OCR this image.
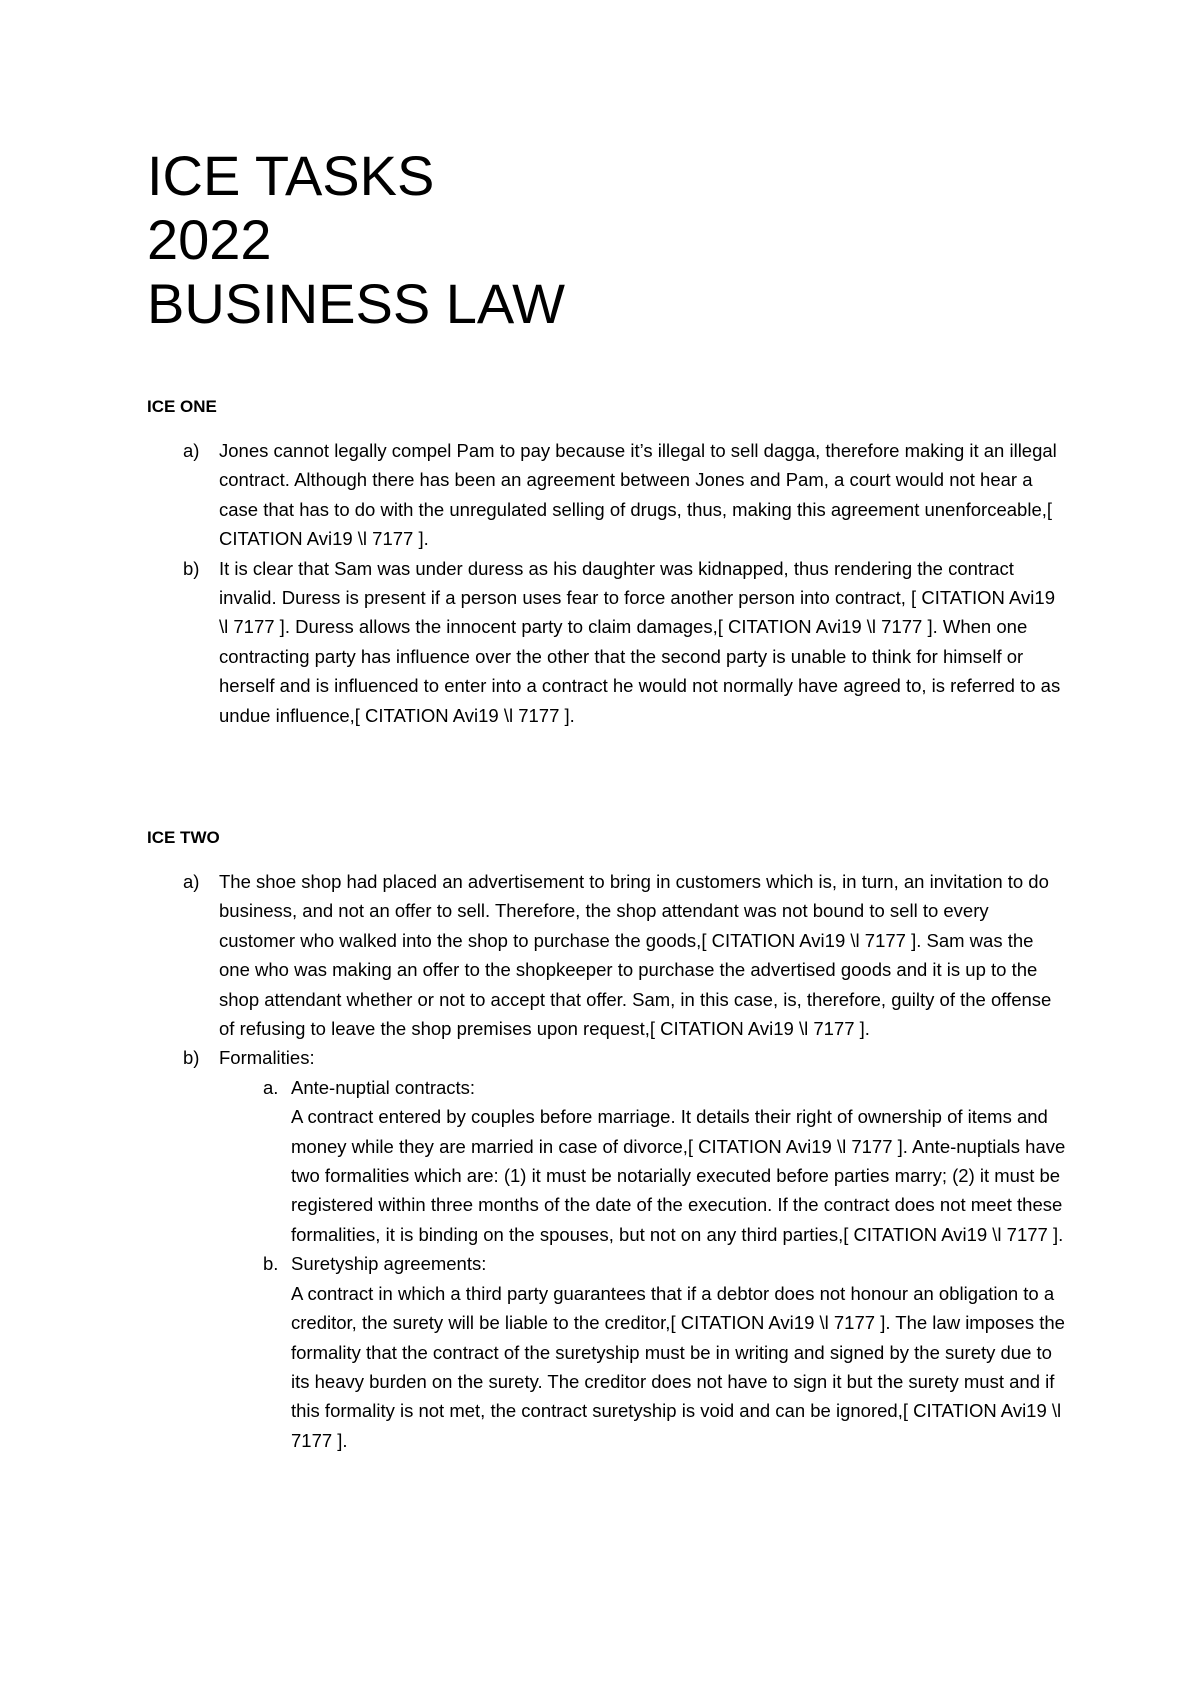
ICE TASKS
2022
BUSINESS LAW
ICE ONE
a) Jones cannot legally compel Pam to pay because it’s illegal to sell dagga, therefore making it an illegal contract. Although there has been an agreement between Jones and Pam, a court would not hear a case that has to do with the unregulated selling of drugs, thus, making this agreement unenforceable,[ CITATION Avi19 \l 7177 ].
b) It is clear that Sam was under duress as his daughter was kidnapped, thus rendering the contract invalid. Duress is present if a person uses fear to force another person into contract, [ CITATION Avi19 \l 7177 ]. Duress allows the innocent party to claim damages,[ CITATION Avi19 \l 7177 ]. When one contracting party has influence over the other that the second party is unable to think for himself or herself and is influenced to enter into a contract he would not normally have agreed to, is referred to as undue influence,[ CITATION Avi19 \l 7177 ].
ICE TWO
a) The shoe shop had placed an advertisement to bring in customers which is, in turn, an invitation to do business, and not an offer to sell. Therefore, the shop attendant was not bound to sell to every customer who walked into the shop to purchase the goods,[ CITATION Avi19 \l 7177 ]. Sam was the one who was making an offer to the shopkeeper to purchase the advertised goods and it is up to the shop attendant whether or not to accept that offer. Sam, in this case, is, therefore, guilty of the offense of refusing to leave the shop premises upon request,[ CITATION Avi19 \l 7177 ].
b) Formalities:
a. Ante-nuptial contracts:
A contract entered by couples before marriage. It details their right of ownership of items and money while they are married in case of divorce,[ CITATION Avi19 \l 7177 ]. Ante-nuptials have two formalities which are: (1) it must be notarially executed before parties marry; (2) it must be registered within three months of the date of the execution. If the contract does not meet these formalities, it is binding on the spouses, but not on any third parties,[ CITATION Avi19 \l 7177 ].
b. Suretyship agreements:
A contract in which a third party guarantees that if a debtor does not honour an obligation to a creditor, the surety will be liable to the creditor,[ CITATION Avi19 \l 7177 ]. The law imposes the formality that the contract of the suretyship must be in writing and signed by the surety due to its heavy burden on the surety. The creditor does not have to sign it but the surety must and if this formality is not met, the contract suretyship is void and can be ignored,[ CITATION Avi19 \l 7177 ].
